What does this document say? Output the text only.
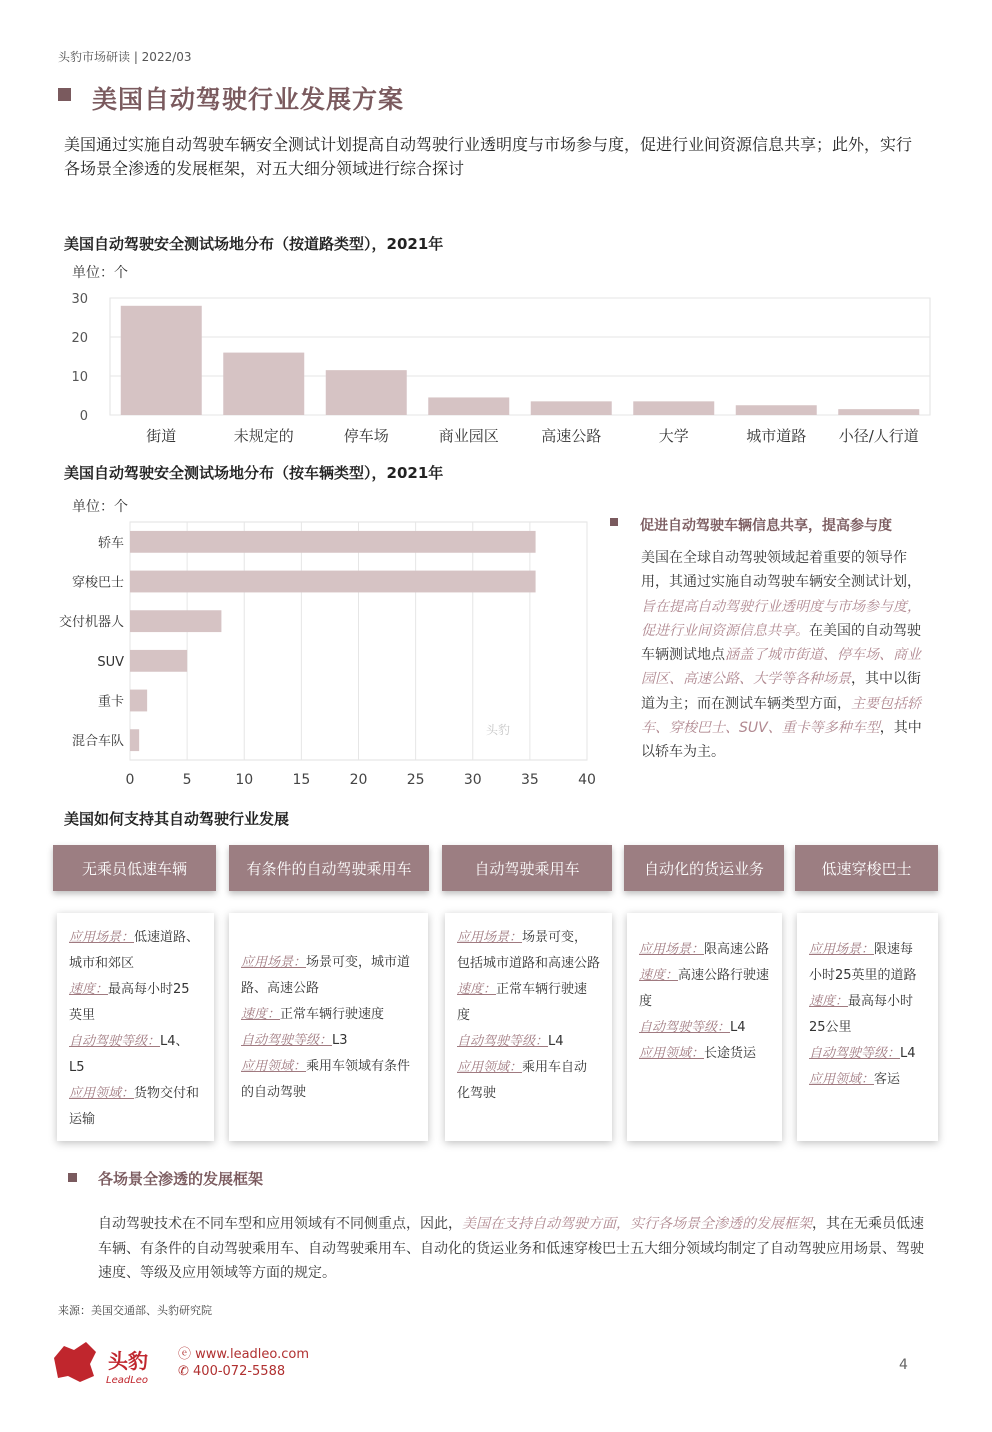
头豹市场研读 | 2022/03
美国自动驾驶行业发展方案
美国通过实施自动驾驶车辆安全测试计划提高自动驾驶行业透明度与市场参与度，促进行业间资源信息共享；此外，实行各场景全渗透的发展框架，对五大细分领域进行综合探讨
美国自动驾驶安全测试场地分布（按道路类型），2021年
单位：个
0
10
20
30
街道	未规定的	停车场	商业园区	高速公路	大学	城市道路 小径/人行道
美国自动驾驶安全测试场地分布（按车辆类型），2021年
单位：个
0	5	10	15	20	25	30	35	40
轿车
穿梭巴士
交付机器人
SUV
重卡
混合车队
头豹
促进自动驾驶车辆信息共享，提高参与度
美国在全球自动驾驶领域起着重要的领导作用，其通过实施自动驾驶车辆安全测试计划，旨在提高自动驾驶行业透明度与市场参与度，促进行业间资源信息共享。在美国的自动驾驶车辆测试地点涵盖了城市街道、停车场、商业园区、高速公路、大学等各种场景，其中以街道为主；而在测试车辆类型方面，主要包括轿车、穿梭巴士、SUV、重卡等多种车型，其中以轿车为主。
美国如何支持其自动驾驶行业发展
无乘员低速车辆	有条件的自动驾驶乘用车	自动驾驶乘用车	自动化的货运业务	低速穿梭巴士
应用场景：低速道路、城市和郊区
速度：最高每小时25英里
自动驾驶等级：L4、L5
应用领域：货物交付和运输
应用场景：场景可变，城市道路、高速公路
速度：正常车辆行驶速度
自动驾驶等级：L3
应用领域：乘用车领域有条件的自动驾驶
应用场景：场景可变，包括城市道路和高速公路
速度：正常车辆行驶速度
自动驾驶等级：L4
应用领域：乘用车自动化驾驶
应用场景：限高速公路
速度：高速公路行驶速度
自动驾驶等级：L4
应用领域：长途货运
应用场景：限速每小时25英里的道路
速度：最高每小时25公里
自动驾驶等级：L4
应用领域：客运
各场景全渗透的发展框架
自动驾驶技术在不同车型和应用领域有不同侧重点，因此，美国在支持自动驾驶方面，实行各场景全渗透的发展框架，其在无乘员低速车辆、有条件的自动驾驶乘用车、自动驾驶乘用车、自动化的货运业务和低速穿梭巴士五大细分领域均制定了自动驾驶应用场景、驾驶速度、等级及应用领域等方面的规定。
来源：美国交通部、头豹研究院
头豹
LeadLeo
ⓔ www.leadleo.com
✆ 400-072-5588	4
